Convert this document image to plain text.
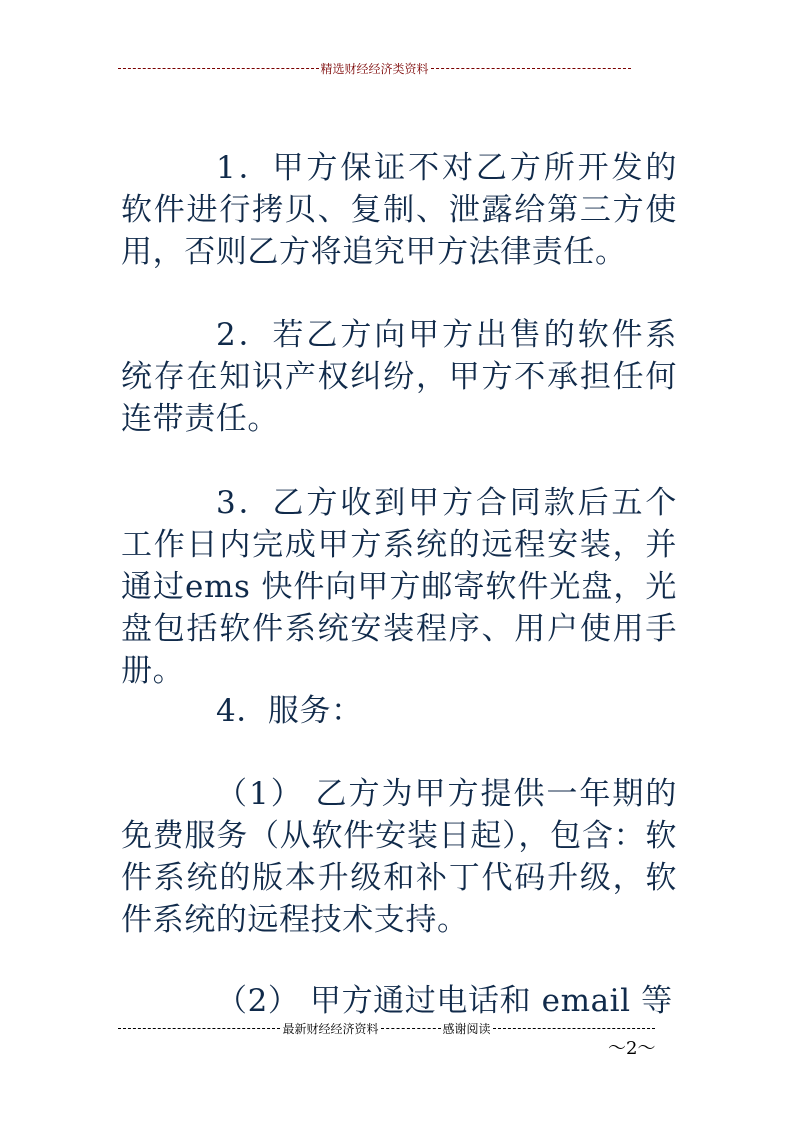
精选财经经济类资料

1．甲方保证不对乙方所开发的软件进行拷贝、复制、泄露给第三方使用，否则乙方将追究甲方法律责任。

2．若乙方向甲方出售的软件系统存在知识产权纠纷，甲方不承担任何连带责任。

3．乙方收到甲方合同款后五个工作日内完成甲方系统的远程安装，并通过ems 快件向甲方邮寄软件光盘，光盘包括软件系统安装程序、用户使用手册。

4．服务：

（1） 乙方为甲方提供一年期的免费服务（从软件安装日起），包含：软件系统的版本升级和补丁代码升级，软件系统的远程技术支持。

（2） 甲方通过电话和 email 等

最新财经经济资料	感谢阅读
～2～
